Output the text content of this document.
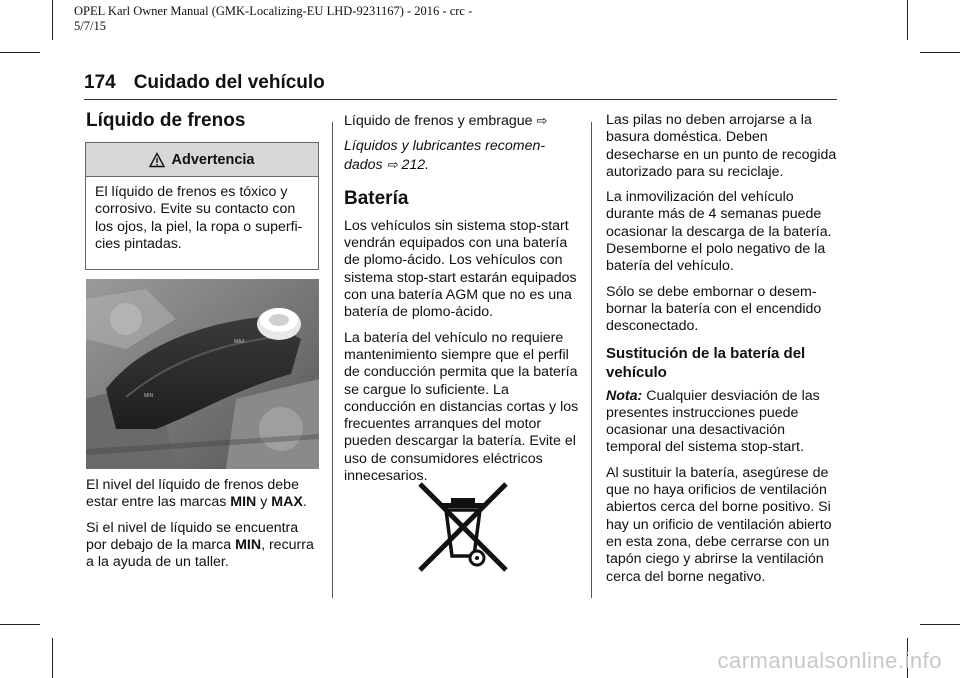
OPEL Karl Owner Manual (GMK-Localizing-EU LHD-9231167) - 2016 - crc -
5/7/15
174 Cuidado del vehículo
Líquido de frenos
Advertencia
El líquido de frenos es tóxico y corrosivo. Evite su contacto con los ojos, la piel, la ropa o superfi- cies pintadas.
MAX
MIN

El nivel del líquido de frenos debe estar entre las marcas MIN y MAX.

Si el nivel de líquido se encuentra por debajo de la marca MIN, recurra a la ayuda de un taller.

Líquido de frenos y embrague ⇨

Líquidos y lubricantes recomen- dados ⇨ 212.

Batería

Los vehículos sin sistema stop-start vendrán equipados con una batería de plomo-ácido. Los vehículos con sistema stop-start estarán equipados con una batería AGM que no es una batería de plomo-ácido.

La batería del vehículo no requiere mantenimiento siempre que el perfil de conducción permita que la batería se cargue lo suficiente. La conducción en distancias cortas y los frecuentes arranques del motor pueden descargar la batería. Evite el uso de consumidores eléctricos innecesarios.

Las pilas no deben arrojarse a la basura doméstica. Deben desecharse en un punto de recogida autorizado para su reciclaje.

La inmovilización del vehículo durante más de 4 semanas puede ocasionar la descarga de la batería. Desemborne el polo negativo de la batería del vehículo.

Sólo se debe embornar o desem- bornar la batería con el encendido desconectado.

Sustitución de la batería del vehículo

Nota: Cualquier desviación de las presentes instrucciones puede ocasionar una desactivación temporal del sistema stop-start.

Al sustituir la batería, asegúrese de que no haya orificios de ventilación abiertos cerca del borne positivo. Si hay un orificio de ventilación abierto en esta zona, debe cerrarse con un tapón ciego y abrirse la ventilación cerca del borne negativo.

carmanualsonline.info
